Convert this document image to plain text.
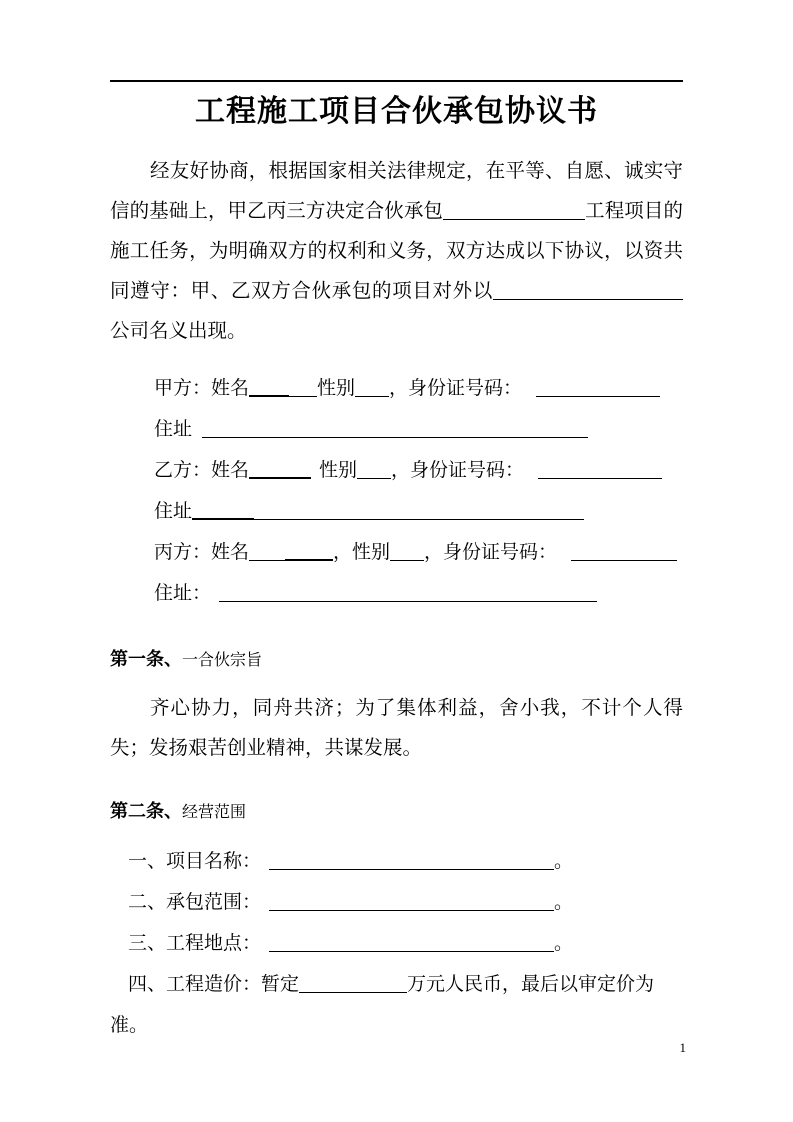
工程施工项目合伙承包协议书

经友好协商，根据国家相关法律规定，在平等、自愿、诚实守信的基础上，甲乙丙三方决定合伙承包	工程项目的施工任务，为明确双方的权利和义务，双方达成以下协议，以资共同遵守：甲、乙双方合伙承包的项目对外以公司名义出现。

甲方：姓名	性别 ，身份证号码：

住址

乙方：姓名	性别 ，身份证号码：

住址

丙方：姓名	，性别 ，身份证号码：

住址：

第一条、一合伙宗旨

齐心协力，同舟共济；为了集体利益，舍小我，不计个人得失；发扬艰苦创业精神，共谋发展。

第二条、经营范围

一、项目名称：	。

二、承包范围：	。

三、工程地点：	。

四、工程造价：暂定	万元人民币，最后以审定价为准。

1
